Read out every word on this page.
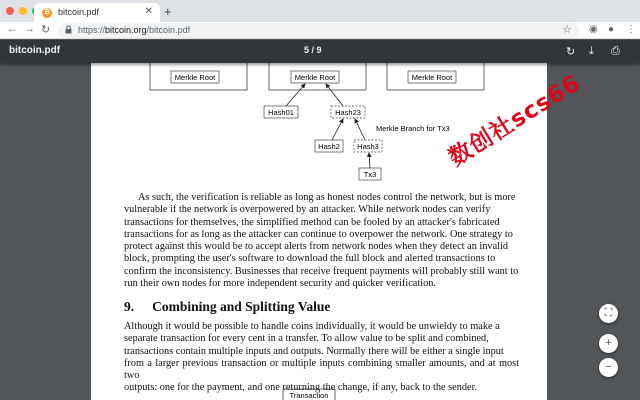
₿ bitcoin.pdf	✕ +
← → ↻	https://bitcoin.org/bitcoin.pdf	☆ ◉ ● ⋮
bitcoin.pdf	5 / 9	↻ ⤓ ⎙
Merkle Root	Merkle Root	Merkle Root
Hash01	Hash23
Merkle Branch for Tx3
Hash2 Hash3
Tx3
As such, the verification is reliable as long as honest nodes control the network, but is more
vulnerable if the network is overpowered by an attacker. While network nodes can verify
transactions for themselves, the simplified method can be fooled by an attacker's fabricated
transactions for as long as the attacker can continue to overpower the network. One strategy to
protect against this would be to accept alerts from network nodes when they detect an invalid
block, prompting the user's software to download the full block and alerted transactions to
confirm the inconsistency. Businesses that receive frequent payments will probably still want to
run their own nodes for more independent security and quicker verification.
9. Combining and Splitting Value
Although it would be possible to handle coins individually, it would be unwieldy to make a
separate transaction for every cent in a transfer. To allow value to be split and combined,
transactions contain multiple inputs and outputs. Normally there will be either a single input
from a larger previous transaction or multiple inputs combining smaller amounts, and at most two
outputs: one for the payment, and one returning the change, if any, back to the sender.
Transaction
数创社scs66
⛶
+
−
